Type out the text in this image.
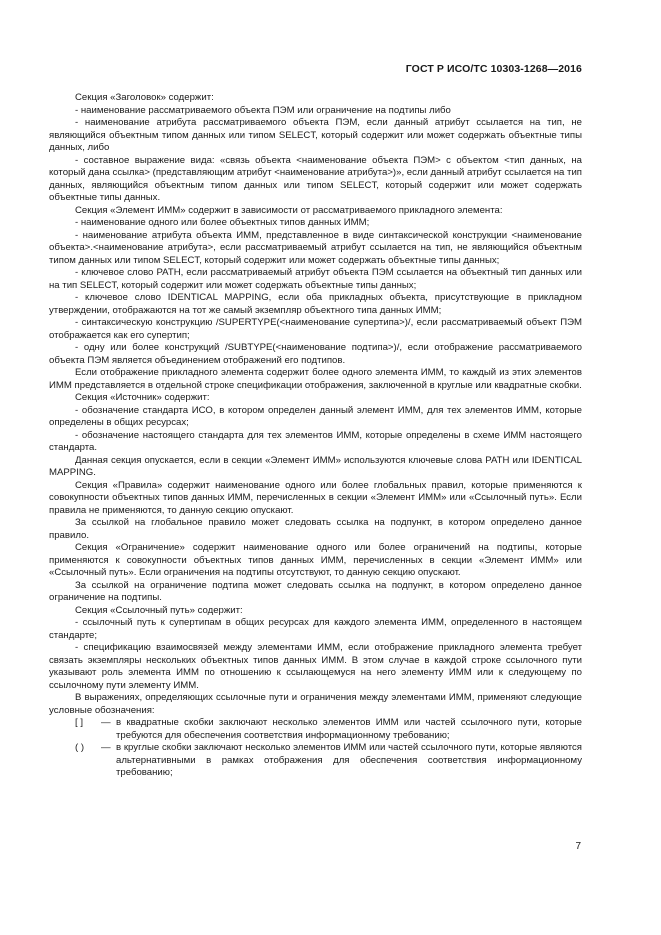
ГОСТ Р ИСО/ТС 10303-1268—2016

Секция «Заголовок» содержит:

- наименование рассматриваемого объекта ПЭМ или ограничение на подтипы либо

- наименование атрибута рассматриваемого объекта ПЭМ, если данный атрибут ссылается на тип, не являющийся объектным типом данных или типом SELECT, который содержит или может содержать объектные типы данных, либо

- составное выражение вида: «связь объекта <наименование объекта ПЭМ> с объектом <тип данных, на который дана ссылка> (представляющим атрибут <наименование атрибута>)», если данный атрибут ссылается на тип данных, являющийся объектным типом данных или типом SELECT, который содержит или может содержать объектные типы данных.

Секция «Элемент ИММ» содержит в зависимости от рассматриваемого прикладного элемента:

- наименование одного или более объектных типов данных ИММ;

- наименование атрибута объекта ИММ, представленное в виде синтаксической конструкции <наименование объекта>.<наименование атрибута>, если рассматриваемый атрибут ссылается на тип, не являющийся объектным типом данных или типом SELECT, который содержит или может содержать объектные типы данных;

- ключевое слово PATH, если рассматриваемый атрибут объекта ПЭМ ссылается на объектный тип данных или на тип SELECT, который содержит или может содержать объектные типы данных;

- ключевое слово IDENTICAL MAPPING, если оба прикладных объекта, присутствующие в прикладном утверждении, отображаются на тот же самый экземпляр объектного типа данных ИММ;

- синтаксическую конструкцию /SUPERTYPE(<наименование супертипа>)/, если рассматриваемый объект ПЭМ отображается как его супертип;

- одну или более конструкций /SUBTYPE(<наименование подтипа>)/, если отображение рассматриваемого объекта ПЭМ является объединением отображений его подтипов.

Если отображение прикладного элемента содержит более одного элемента ИММ, то каждый из этих элементов ИММ представляется в отдельной строке спецификации отображения, заключенной в круглые или квадратные скобки.

Секция «Источник» содержит:

- обозначение стандарта ИСО, в котором определен данный элемент ИММ, для тех элементов ИММ, которые определены в общих ресурсах;

- обозначение настоящего стандарта для тех элементов ИММ, которые определены в схеме ИММ настоящего стандарта.

Данная секция опускается, если в секции «Элемент ИММ» используются ключевые слова PATH или IDENTICAL MAPPING.

Секция «Правила» содержит наименование одного или более глобальных правил, которые применяются к совокупности объектных типов данных ИММ, перечисленных в секции «Элемент ИММ» или «Ссылочный путь». Если правила не применяются, то данную секцию опускают.

За ссылкой на глобальное правило может следовать ссылка на подпункт, в котором определено данное правило.

Секция «Ограничение» содержит наименование одного или более ограничений на подтипы, которые применяются к совокупности объектных типов данных ИММ, перечисленных в секции «Элемент ИММ» или «Ссылочный путь». Если ограничения на подтипы отсутствуют, то данную секцию опускают.

За ссылкой на ограничение подтипа может следовать ссылка на подпункт, в котором определено данное ограничение на подтипы.

Секция «Ссылочный путь» содержит:

- ссылочный путь к супертипам в общих ресурсах для каждого элемента ИММ, определенного в настоящем стандарте;

- спецификацию взаимосвязей между элементами ИММ, если отображение прикладного элемента требует связать экземпляры нескольких объектных типов данных ИММ. В этом случае в каждой строке ссылочного пути указывают роль элемента ИММ по отношению к ссылающемуся на него элементу ИММ или к следующему по ссылочному пути элементу ИММ.

В выражениях, определяющих ссылочные пути и ограничения между элементами ИММ, применяют следующие условные обозначения:

[ ]	— в квадратные скобки заключают несколько элементов ИММ или частей ссылочного пути, которые требуются для обеспечения соответствия информационному требованию;
( )	— в круглые скобки заключают несколько элементов ИММ или частей ссылочного пути, которые являются альтернативными в рамках отображения для обеспечения соответствия информационному требованию;
7
